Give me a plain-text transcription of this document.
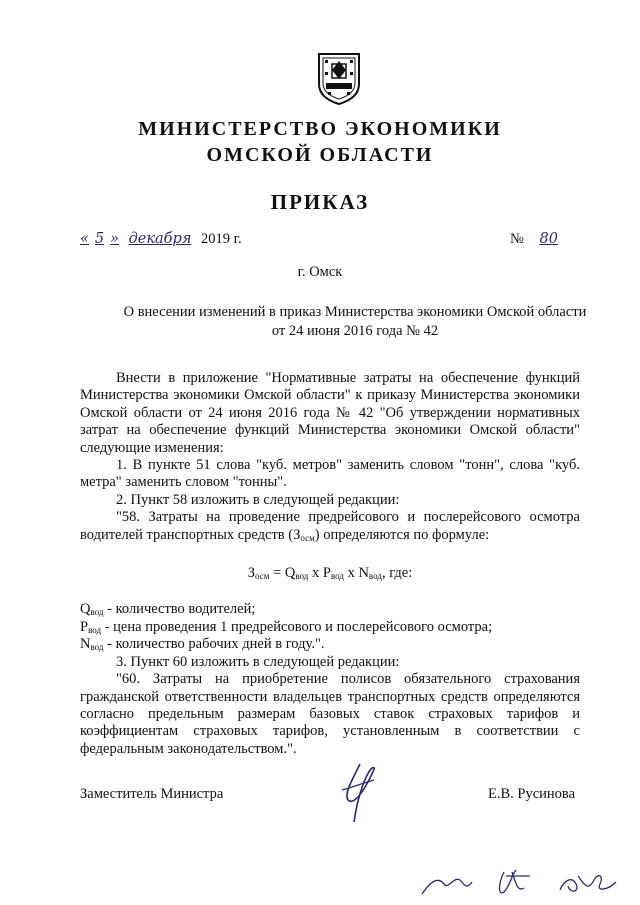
МИНИСТЕРСТВО ЭКОНОМИКИ
ОМСКОЙ ОБЛАСТИ
ПРИКАЗ
« 5 » декабря 2019 г.	№ 80
г. Омск
О внесении изменений в приказ Министерства экономики Омской области от 24 июня 2016 года № 42

Внести в приложение "Нормативные затраты на обеспечение функций Министерства экономики Омской области" к приказу Министерства экономики Омской области от 24 июня 2016 года № 42 "Об утверждении нормативных затрат на обеспечение функций Министерства экономики Омской области" следующие изменения:

1. В пункте 51 слова "куб. метров" заменить словом "тонн", слова "куб. метра" заменить словом "тонны".

2. Пункт 58 изложить в следующей редакции:

"58. Затраты на проведение предрейсового и послерейсового осмотра водителей транспортных средств $(З_{осм})$ определяются по формуле:

$З_{осм} = Q_{вод}$ х $P_{вод}$ х $N_{вод}$, где:

$Q_{вод}$ - количество водителей;

$P_{вод}$ - цена проведения 1 предрейсового и послерейсового осмотра;

$N_{вод}$ - количество рабочих дней в году.".

3. Пункт 60 изложить в следующей редакции:

"60. Затраты на приобретение полисов обязательного страхования гражданской ответственности владельцев транспортных средств определяются согласно предельным размерам базовых ставок страховых тарифов и коэффициентам страховых тарифов, установленным в соответствии с федеральным законодательством.".

Заместитель Министра	Е.В. Русинова
